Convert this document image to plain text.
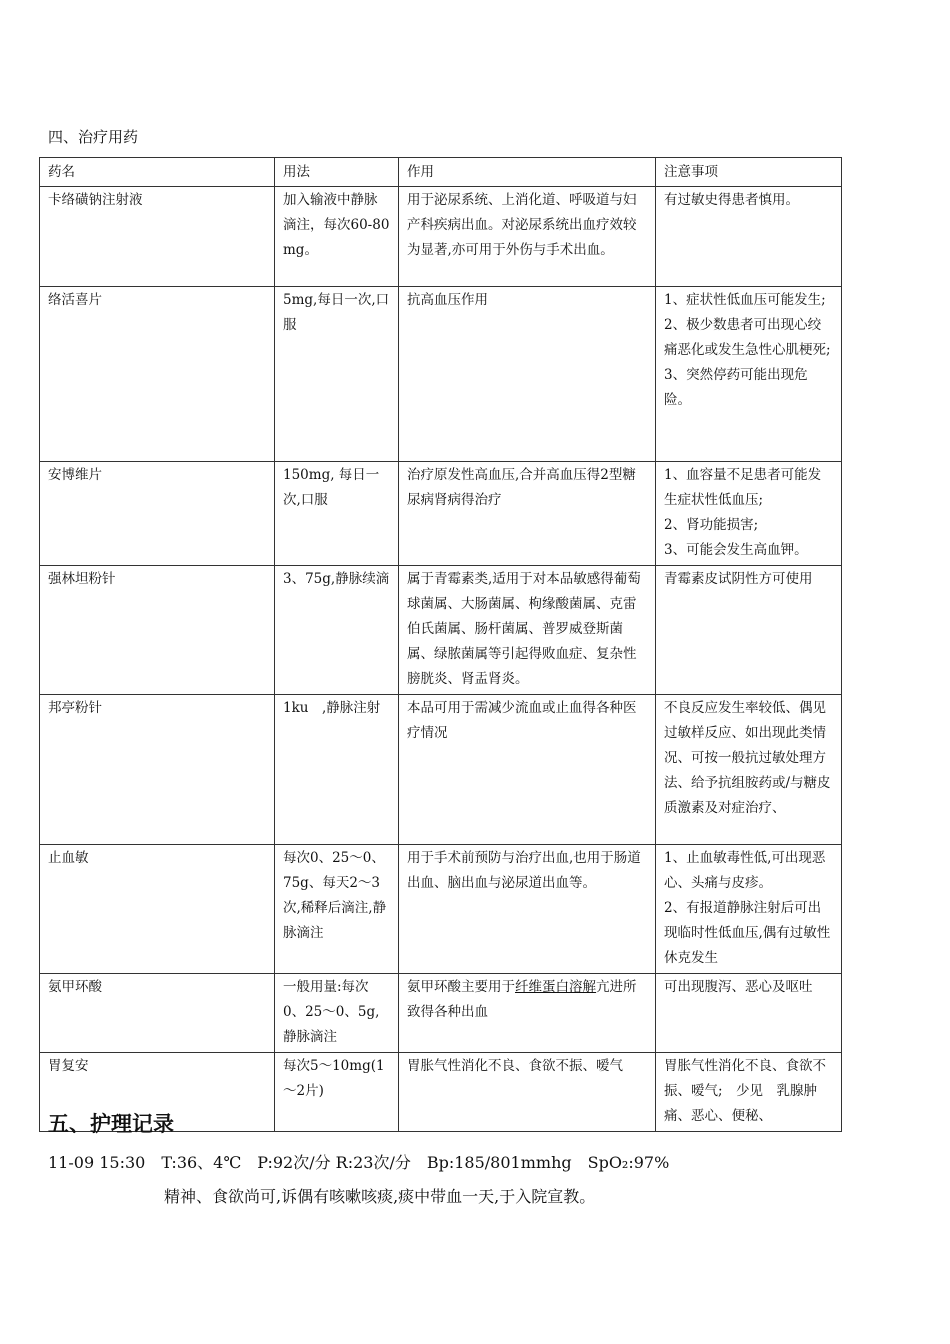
四、治疗用药
药名	用法	作用	注意事项
卡络磺钠注射液	加入输液中静脉滴注，每次60-80mg。	用于泌尿系统、上消化道、呼吸道与妇产科疾病出血。对泌尿系统出血疗效较为显著,亦可用于外伤与手术出血。	有过敏史得患者慎用。

络活喜片	5mg,每日一次,口服	抗高血压作用	1、症状性低血压可能发生;
2、极少数患者可出现心绞痛恶化或发生急性心肌梗死;
3、突然停药可能出现危险。

安博维片	150mg, 每日一次,口服	治疗原发性高血压,合并高血压得2型糖尿病肾病得治疗	1、血容量不足患者可能发生症状性低血压;
2、肾功能损害;
3、可能会发生高血钾。

强林坦粉针	3、75g,静脉续滴	属于青霉素类,适用于对本品敏感得葡萄球菌属、大肠菌属、枸缘酸菌属、克雷伯氏菌属、肠杆菌属、普罗威登斯菌属、绿脓菌属等引起得败血症、复杂性膀胱炎、肾盂肾炎。	青霉素皮试阴性方可使用

邦亭粉针	1ku　,静脉注射	本品可用于需减少流血或止血得各种医疗情况	不良反应发生率较低、偶见过敏样反应、如出现此类情况、可按一般抗过敏处理方法、给予抗组胺药或/与糖皮质激素及对症治疗、

止血敏	每次0、25～0、75g、每天2～3次,稀释后滴注,静脉滴注	用于手术前预防与治疗出血,也用于肠道出血、脑出血与泌尿道出血等。	1、止血敏毒性低,可出现恶心、头痛与皮疹。
2、有报道静脉注射后可出现临时性低血压,偶有过敏性休克发生

氨甲环酸	一般用量:每次0、25～0、5g,静脉滴注	氨甲环酸主要用于纤维蛋白溶解亢进所致得各种出血	可出现腹泻、恶心及呕吐

胃复安	每次5～10mg(1～2片)	胃胀气性消化不良、食欲不振、嗳气	胃胀气性消化不良、食欲不振、嗳气;　少见　乳腺肿痛、恶心、便秘、
五、护理记录
11-09 15:30　T:36、4℃　P:92次/分 R:23次/分　Bp:185/801mmhg　SpO₂:97%
精神、食欲尚可,诉偶有咳嗽咳痰,痰中带血一天,于入院宣教。
